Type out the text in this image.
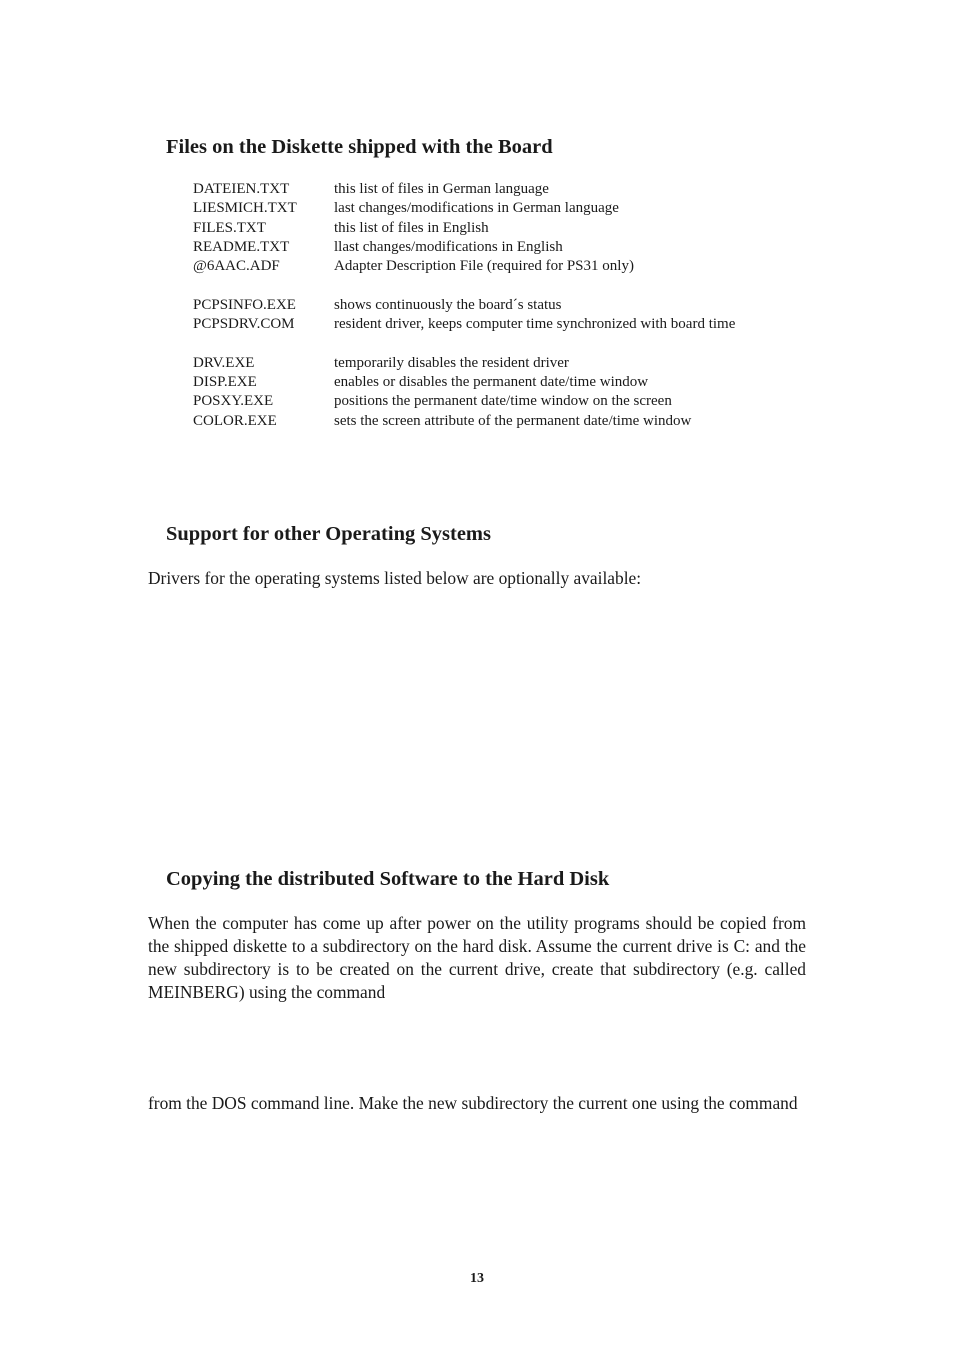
Files on the Diskette shipped with the Board
DATEIEN.TXT	this list of files in German language
LIESMICH.TXT	last changes/modifications in German language
FILES.TXT	this list of files in English
README.TXT	llast changes/modifications in English
@6AAC.ADF	Adapter Description File (required for PS31 only)
PCPSINFO.EXE	shows continuously the board´s status
PCPSDRV.COM	resident driver, keeps computer time synchronized with board time
DRV.EXE	temporarily disables the resident driver
DISP.EXE	enables or disables the permanent date/time window
POSXY.EXE	positions the permanent date/time window on the screen
COLOR.EXE	sets the screen attribute of the permanent date/time window
Support for other Operating Systems

Drivers for the operating systems listed below are optionally available:

Copying the distributed Software to the Hard Disk

When the computer has come up after power on the utility programs should be copied from the shipped diskette to a subdirectory on the hard disk. Assume the current drive is C: and the new subdirectory is to be created on the current drive, create that subdirectory (e.g. called MEINBERG) using the command

from the DOS command line. Make the new subdirectory the current one using the command

13
